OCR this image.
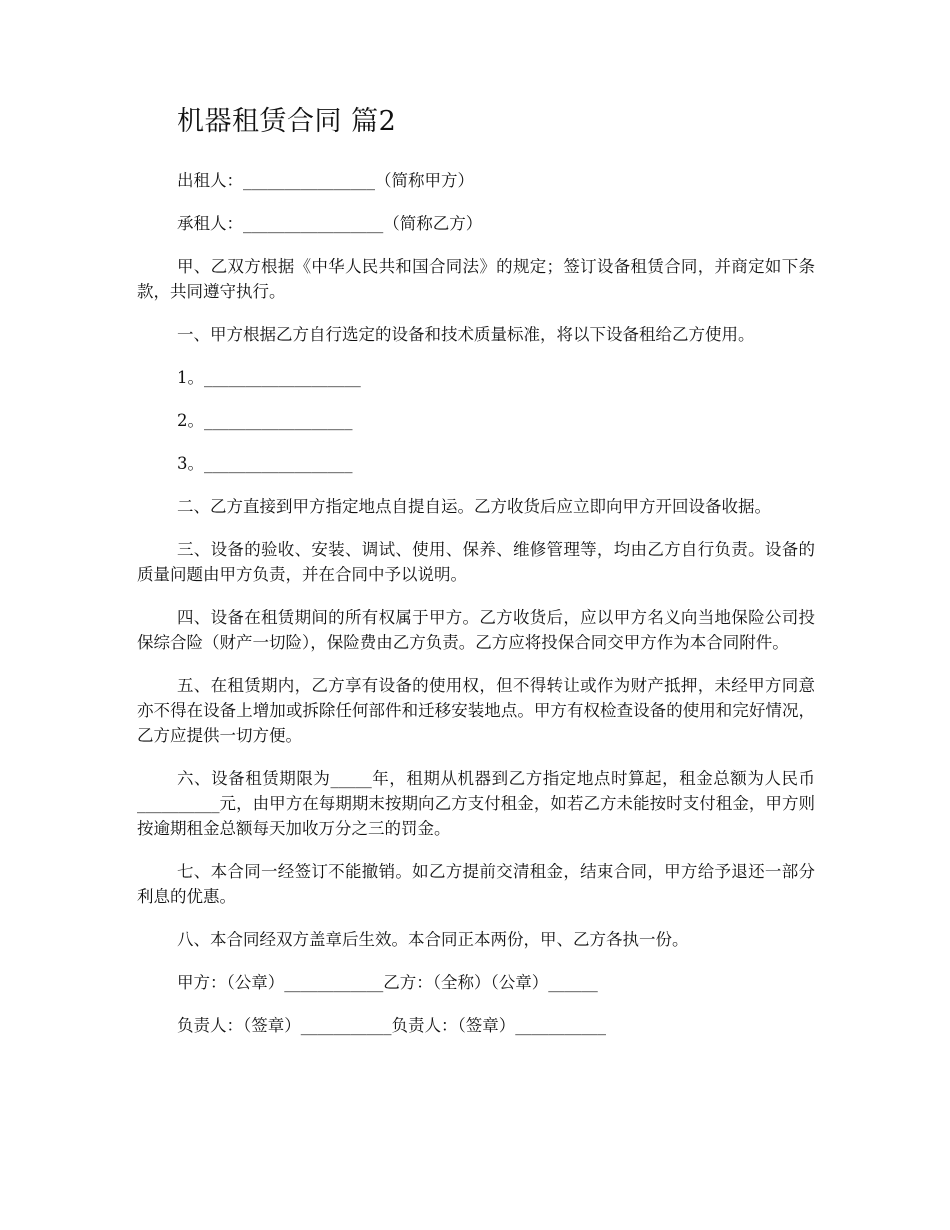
机器租赁合同 篇2
出租人：________________（简称甲方）
承租人：_________________（简称乙方）
甲、乙双方根据《中华人民共和国合同法》的规定；签订设备租赁合同，并商定如下条款，共同遵守执行。
一、甲方根据乙方自行选定的设备和技术质量标准，将以下设备租给乙方使用。
1。___________________
2。__________________
3。__________________
二、乙方直接到甲方指定地点自提自运。乙方收货后应立即向甲方开回设备收据。
三、设备的验收、安装、调试、使用、保养、维修管理等，均由乙方自行负责。设备的质量问题由甲方负责，并在合同中予以说明。
四、设备在租赁期间的所有权属于甲方。乙方收货后，应以甲方名义向当地保险公司投保综合险（财产一切险），保险费由乙方负责。乙方应将投保合同交甲方作为本合同附件。
五、在租赁期内，乙方享有设备的使用权，但不得转让或作为财产抵押，未经甲方同意亦不得在设备上增加或拆除任何部件和迁移安装地点。甲方有权检查设备的使用和完好情况，乙方应提供一切方便。
六、设备租赁期限为_____年，租期从机器到乙方指定地点时算起，租金总额为人民币__________元，由甲方在每期期末按期向乙方支付租金，如若乙方未能按时支付租金，甲方则按逾期租金总额每天加收万分之三的罚金。
七、本合同一经签订不能撤销。如乙方提前交清租金，结束合同，甲方给予退还一部分利息的优惠。
八、本合同经双方盖章后生效。本合同正本两份，甲、乙方各执一份。
甲方：（公章）____________乙方：（全称）（公章）______
负责人：（签章）___________负责人：（签章）___________
